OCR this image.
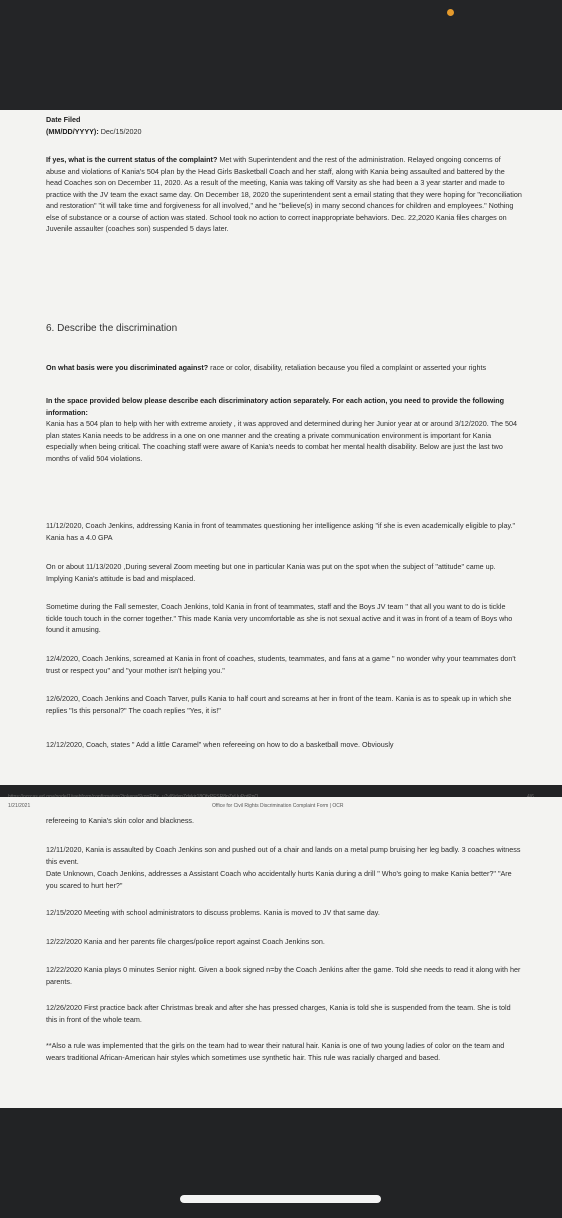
Date Filed

(MM/DD/YYYY): Dec/15/2020

If yes, what is the current status of the complaint? Met with Superintendent and the rest of the administration. Relayed ongoing concerns of abuse and violations of Kania's 504 plan by the Head Girls Basketball Coach and her staff, along with Kania being assaulted and battered by the head Coaches son on December 11, 2020. As a result of the meeting, Kania was taking off Varsity as she had been a 3 year starter and made to practice with the JV team the exact same day. On December 18, 2020 the superintendent sent a email stating that they were hoping for "reconciliation and restoration" "it will take time and forgiveness for all involved," and he "believe(s) in many second chances for children and employees." Nothing else of substance or a course of action was stated. School took no action to correct inappropriate behaviors. Dec. 22,2020 Kania files charges on Juvenile assaulter (coaches son) suspended 5 days later.

6. Describe the discrimination

On what basis were you discriminated against? race or color, disability, retaliation because you filed a complaint or asserted your rights

In the space provided below please describe each discriminatory action separately. For each action, you need to provide the following information:

Kania has a 504 plan to help with her with extreme anxiety , it was approved and determined during her Junior year at or around 3/12/2020. The 504 plan states Kania needs to be address in a one on one manner and the creating a private communication environment is important for Kania especially when being critical. The coaching staff were aware of Kania's needs to combat her mental health disability. Below are just the last two months of valid 504 violations.

11/12/2020, Coach Jenkins, addressing Kania in front of teammates questioning her intelligence asking "if she is even academically eligible to play." Kania has a 4.0 GPA

On or about 11/13/2020 ,During several Zoom meeting but one in particular Kania was put on the spot when the subject of "attitude" came up. Implying Kania's attitude is bad and misplaced.

Sometime during the Fall semester, Coach Jenkins, told Kania in front of teammates, staff and the Boys JV team " that all you want to do is tickle tickle touch touch in the corner together." This made Kania very uncomfortable as she is not sexual active and it was in front of a team of Boys who found it amusing.

12/4/2020, Coach Jenkins, screamed at Kania in front of coaches, students, teammates, and fans at a game " no wonder why your teammates don't trust or respect you" and "your mother isn't helping you."

12/6/2020, Coach Jenkins and Coach Tarver, pulls Kania to half court and screams at her in front of the team. Kania is as to speak up in which she replies "Is this personal?" The coach replies "Yes, it is!"

12/12/2020, Coach, states " Add a little Caramel" when refereeing on how to do a basketball move. Obviously

1/21/2021	Office for Civil Rights Discrimination Complaint Form | OCR

refereeing to Kania's skin color and blackness.

12/11/2020, Kania is assaulted by Coach Jenkins son and pushed out of a chair and lands on a metal pump bruising her leg badly. 3 coaches witness this event.

Date Unknown, Coach Jenkins, addresses a Assistant Coach who accidentally hurts Kania during a drill " Who's going to make Kania better?" "Are you scared to hurt her?"

12/15/2020 Meeting with school administrators to discuss problems. Kania is moved to JV that same day.

12/22/2020 Kania and her parents file charges/police report against Coach Jenkins son.

12/22/2020 Kania plays 0 minutes Senior night. Given a book signed n=by the Coach Jenkins after the game. Told she needs to read it along with her parents.

12/26/2020 First practice back after Christmas break and after she has pressed charges, Kania is told she is suspended from the team. She is told this in front of the whole team.

**Also a rule was implemented that the girls on the team had to wear their natural hair. Kania is one of two young ladies of color on the team and wears traditional African-American hair styles which sometimes use synthetic hair. This rule was racially charged and based.
